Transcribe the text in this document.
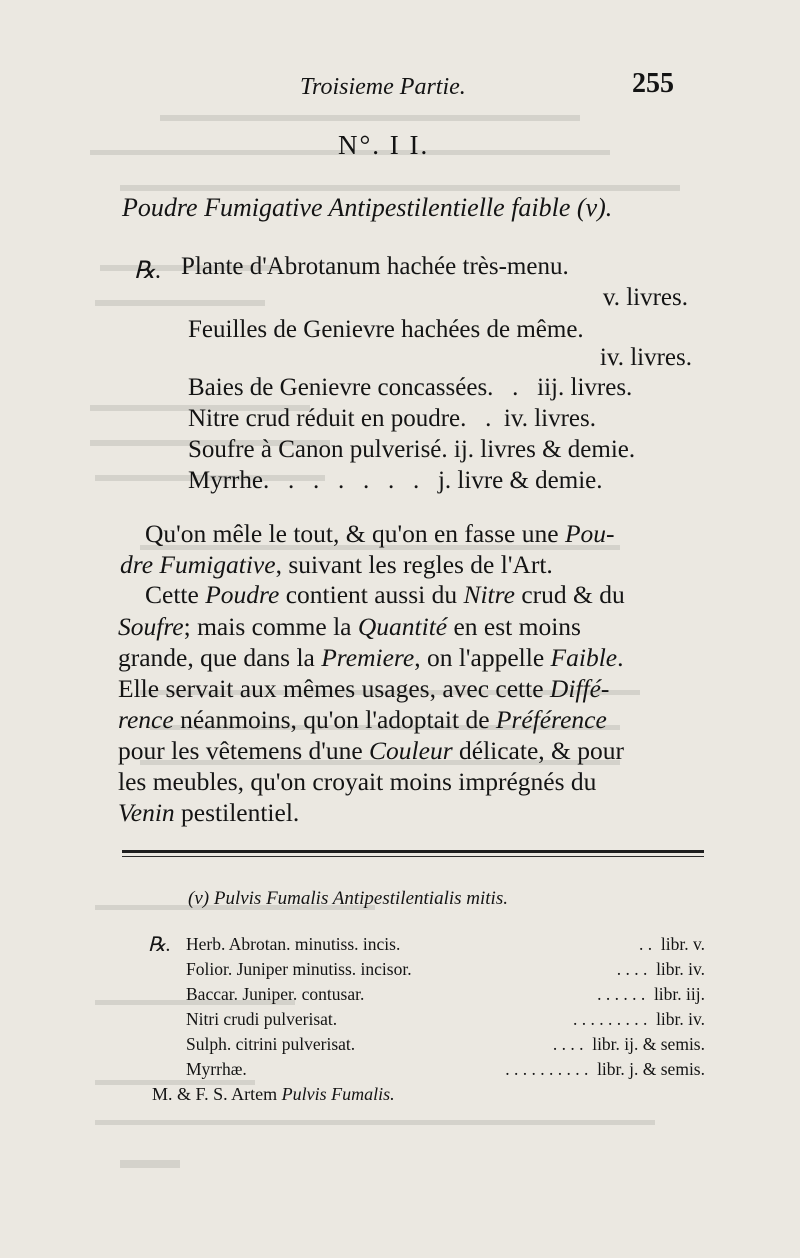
Troisieme Partie.	255
N°. I I.
Poudre Fumigative Antipestilentielle faible (v).
℞. Plante d'Abrotanum hachée très-menu.
v. livres.
Feuilles de Genievre hachées de même.
iv. livres.
Baies de Genievre concassées.   .   iij. livres.
Nitre crud réduit en poudre.   .  iv. livres.
Soufre à Canon pulverisé. ij. livres & demie.
Myrrhe.   .   .   .   .   .   .   j. livre & demie.
Qu'on mêle le tout, & qu'on en fasse une Pou-
dre Fumigative, suivant les regles de l'Art.
Cette Poudre contient aussi du Nitre crud & du
Soufre; mais comme la Quantité en est moins
grande, que dans la Premiere, on l'appelle Faible.
Elle servait aux mêmes usages, avec cette Diffé-
rence néanmoins, qu'on l'adoptait de Préférence
pour les vêtemens d'une Couleur délicate, & pour
les meubles, qu'on croyait moins imprégnés du
Venin pestilentiel.
(v) Pulvis Fumalis Antipestilentialis mitis.
℞. Herb. Abrotan. minutiss. incis.	. .  libr. v.
Folior. Juniper minutiss. incisor.	. . . .  libr. iv.
Baccar. Juniper. contusar.	. . . . . .  libr. iij.
Nitri crudi pulverisat.	. . . . . . . . .  libr. iv.
Sulph. citrini pulverisat.	. . . .  libr. ij. & semis.
Myrrhæ.	. . . . . . . . . .  libr. j. & semis.
M. & F. S. Artem Pulvis Fumalis.
